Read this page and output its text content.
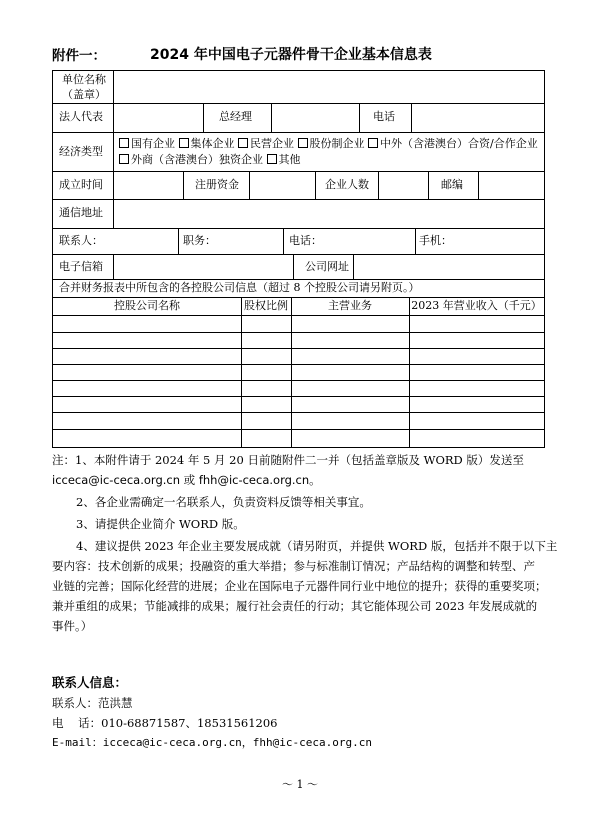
附件一：	2024 年中国电子元器件骨干企业基本信息表
单位名称
（盖章）
法人代表	总经理	电话
经济类型
国有企业 集体企业 民营企业 股份制企业 中外（含港澳台）合资/合作企业
外商（含港澳台）独资企业 其他
成立时间	注册资金	企业人数	邮编
通信地址
联系人：	职务：	电话：	手机：
电子信箱	公司网址
合并财务报表中所包含的各控股公司信息（超过 8 个控股公司请另附页。）
控股公司名称	股权比例	主营业务	2023 年营业收入（千元）
注：1、本附件请于 2024 年 5 月 20 日前随附件二一并（包括盖章版及 WORD 版）发送至
icceca@ic-ceca.org.cn 或 fhh@ic-ceca.org.cn。
2、各企业需确定一名联系人，负责资料反馈等相关事宜。
3、请提供企业简介 WORD 版。
4、建议提供 2023 年企业主要发展成就（请另附页，并提供 WORD 版，包括并不限于以下主
要内容：技术创新的成果；投融资的重大举措；参与标准制订情况；产品结构的调整和转型、产
业链的完善；国际化经营的进展；企业在国际电子元器件同行业中地位的提升；获得的重要奖项；
兼并重组的成果；节能减排的成果；履行社会责任的行动；其它能体现公司 2023 年发展成就的
事件。）
联系人信息：
联系人：范洪慧
电    话：010-68871587、18531561206
E-mail：icceca@ic-ceca.org.cn，fhh@ic-ceca.org.cn
～ 1 ～
